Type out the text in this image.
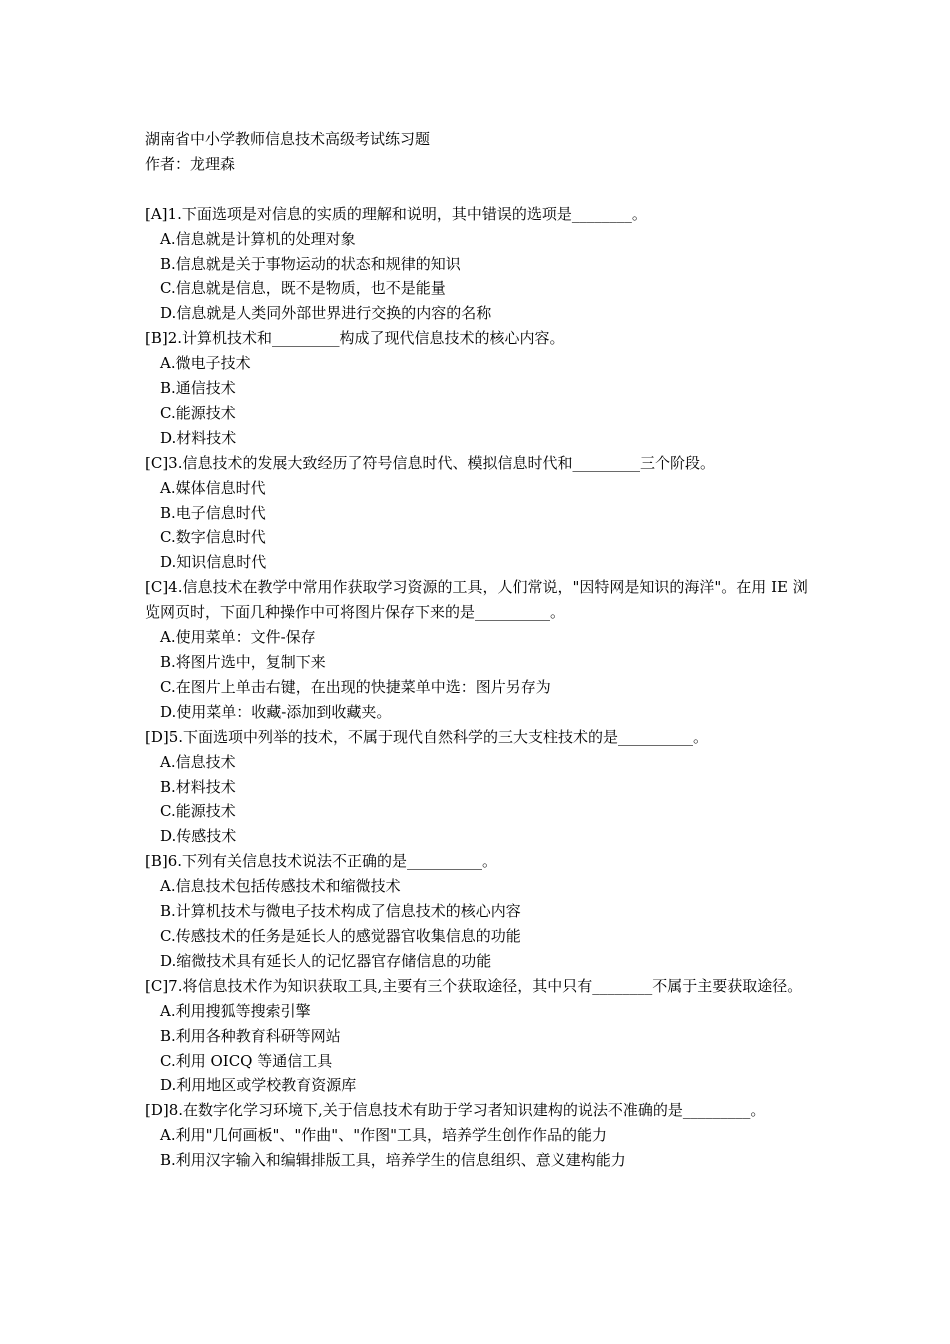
湖南省中小学教师信息技术高级考试练习题
作者：龙理森
[A]1.下面选项是对信息的实质的理解和说明，其中错误的选项是________。
A.信息就是计算机的处理对象
B.信息就是关于事物运动的状态和规律的知识
C.信息就是信息，既不是物质，也不是能量
D.信息就是人类同外部世界进行交换的内容的名称
[B]2.计算机技术和_________构成了现代信息技术的核心内容。
A.微电子技术
B.通信技术
C.能源技术
D.材料技术
[C]3.信息技术的发展大致经历了符号信息时代、模拟信息时代和_________三个阶段。
A.媒体信息时代
B.电子信息时代
C.数字信息时代
D.知识信息时代
[C]4.信息技术在教学中常用作获取学习资源的工具，人们常说，"因特网是知识的海洋"。在用 IE 浏览网页时，下面几种操作中可将图片保存下来的是__________。
A.使用菜单：文件-保存
B.将图片选中，复制下来
C.在图片上单击右键，在出现的快捷菜单中选：图片另存为
D.使用菜单：收藏-添加到收藏夹。
[D]5.下面选项中列举的技术，不属于现代自然科学的三大支柱技术的是__________。
A.信息技术
B.材料技术
C.能源技术
D.传感技术
[B]6.下列有关信息技术说法不正确的是__________。
A.信息技术包括传感技术和缩微技术
B.计算机技术与微电子技术构成了信息技术的核心内容
C.传感技术的任务是延长人的感觉器官收集信息的功能
D.缩微技术具有延长人的记忆器官存储信息的功能
[C]7.将信息技术作为知识获取工具,主要有三个获取途径，其中只有________不属于主要获取途径。
A.利用搜狐等搜索引擎
B.利用各种教育科研等网站
C.利用 OICQ 等通信工具
D.利用地区或学校教育资源库
[D]8.在数字化学习环境下,关于信息技术有助于学习者知识建构的说法不准确的是_________。
A.利用"几何画板"、"作曲"、"作图"工具，培养学生创作作品的能力
B.利用汉字输入和编辑排版工具，培养学生的信息组织、意义建构能力
